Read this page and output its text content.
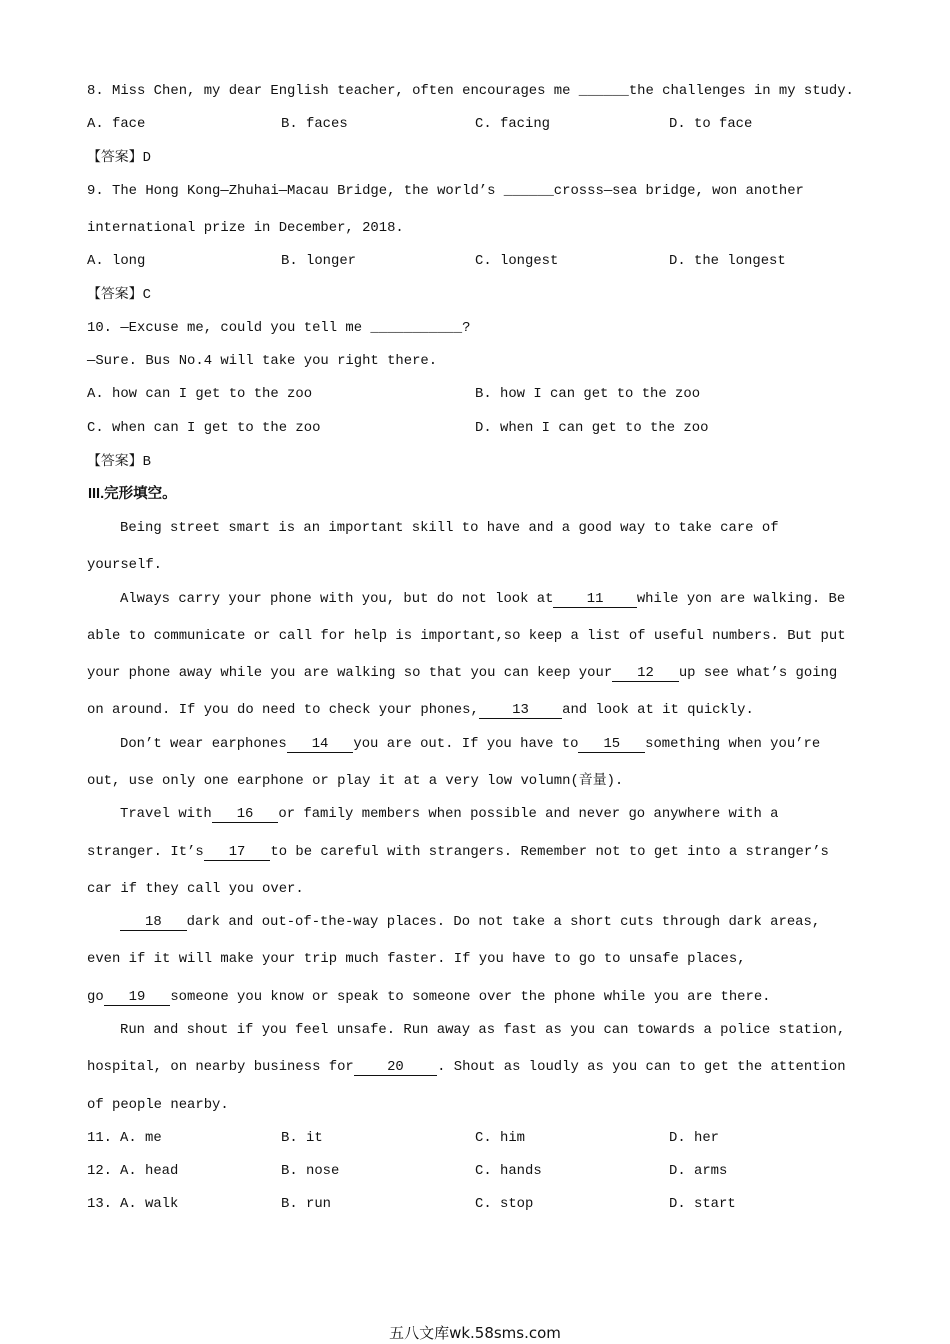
8. Miss Chen, my dear English teacher, often encourages me ______the challenges in my study.
A. face	B. faces	C. facing	D. to face
【答案】D
9. The Hong Kong—Zhuhai—Macau Bridge, the world’s ______crosss—sea bridge, won another
international prize in December, 2018.
A. long	B. longer	C. longest	D. the longest
【答案】C
10. —Excuse me, could you tell me ___________?
—Sure. Bus No.4 will take you right there.
A. how can I get to the zoo	B. how I can get to the zoo
C. when can I get to the zoo	D. when I can get to the zoo
【答案】B
III.完形填空。
Being street smart is an important skill to have and a good way to take care of
yourself.
Always carry your phone with you, but do not look at 11 while yon are walking. Be
able to communicate or call for help is important,so keep a list of useful numbers. But put
your phone away while you are walking so that you can keep your 12 up see what’s going
on around. If you do need to check your phones, 13 and look at it quickly.
Don’t wear earphones 14 you are out. If you have to 15 something when you’re
out, use only one earphone or play it at a very low volumn(音量).
Travel with 16 or family members when possible and never go anywhere with a
stranger. It’s 17 to be careful with strangers. Remember not to get into a stranger’s
car if they call you over.
18 dark and out-of-the-way places. Do not take a short cuts through dark areas,
even if it will make your trip much faster. If you have to go to unsafe places,
go 19 someone you know or speak to someone over the phone while you are there.
Run and shout if you feel unsafe. Run away as fast as you can towards a police station,
hospital, on nearby business for 20 . Shout as loudly as you can to get the attention
of people nearby.
11. A. me	B. it	C. him	D. her
12. A. head	B. nose	C. hands	D. arms
13. A. walk	B. run	C. stop	D. start
五八文库wk.58sms.com
